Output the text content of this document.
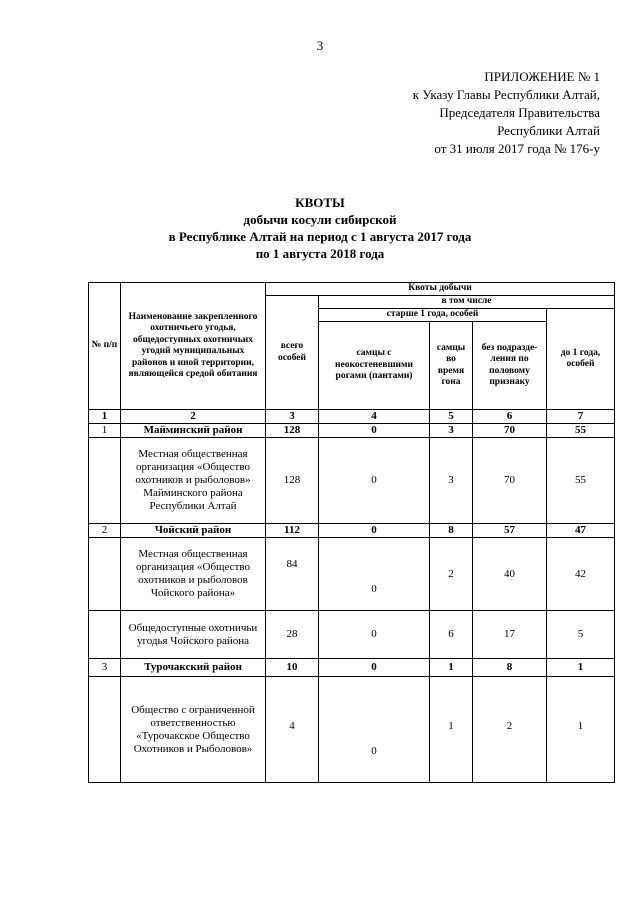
3
ПРИЛОЖЕНИЕ № 1
к Указу Главы Республики Алтай,
Председателя Правительства
Республики Алтай
от 31 июля 2017 года № 176-у
КВОТЫ
добычи косули сибирской
в Республике Алтай на период с 1 августа 2017 года
по 1 августа 2018 года
№ п/п	Наименование закрепленного охотничьего угодья, общедоступных охотничьих угодий муниципальных районов и иной территории, являющейся средой обитания	Квоты добычи				
		всего особей	в том числе			
			старше 1 года, особей			до 1 года, особей
			самцы с неокостеневшими рогами (пантами)	самцы во время гона	без подразде-ления по половому признаку	
1	2	3	4	5	6	7
1	Майминский район	128	0	3	70	55
	Местная общественная организация «Общество охотников и рыболовов» Майминского района Республики Алтай	128	0	3	70	55
2	Чойский район	112	0	8	57	47
	Местная общественная организация «Общество охотников и рыболовов Чойского района»	84	0	2	40	42
	Общедоступные охотничьи угодья Чойского района	28	0	6	17	5
3	Турочакский район	10	0	1	8	1
	Общество с ограниченной ответственностью «Турочакское Общество Охотников и Рыболовов»	4	0	1	2	1
